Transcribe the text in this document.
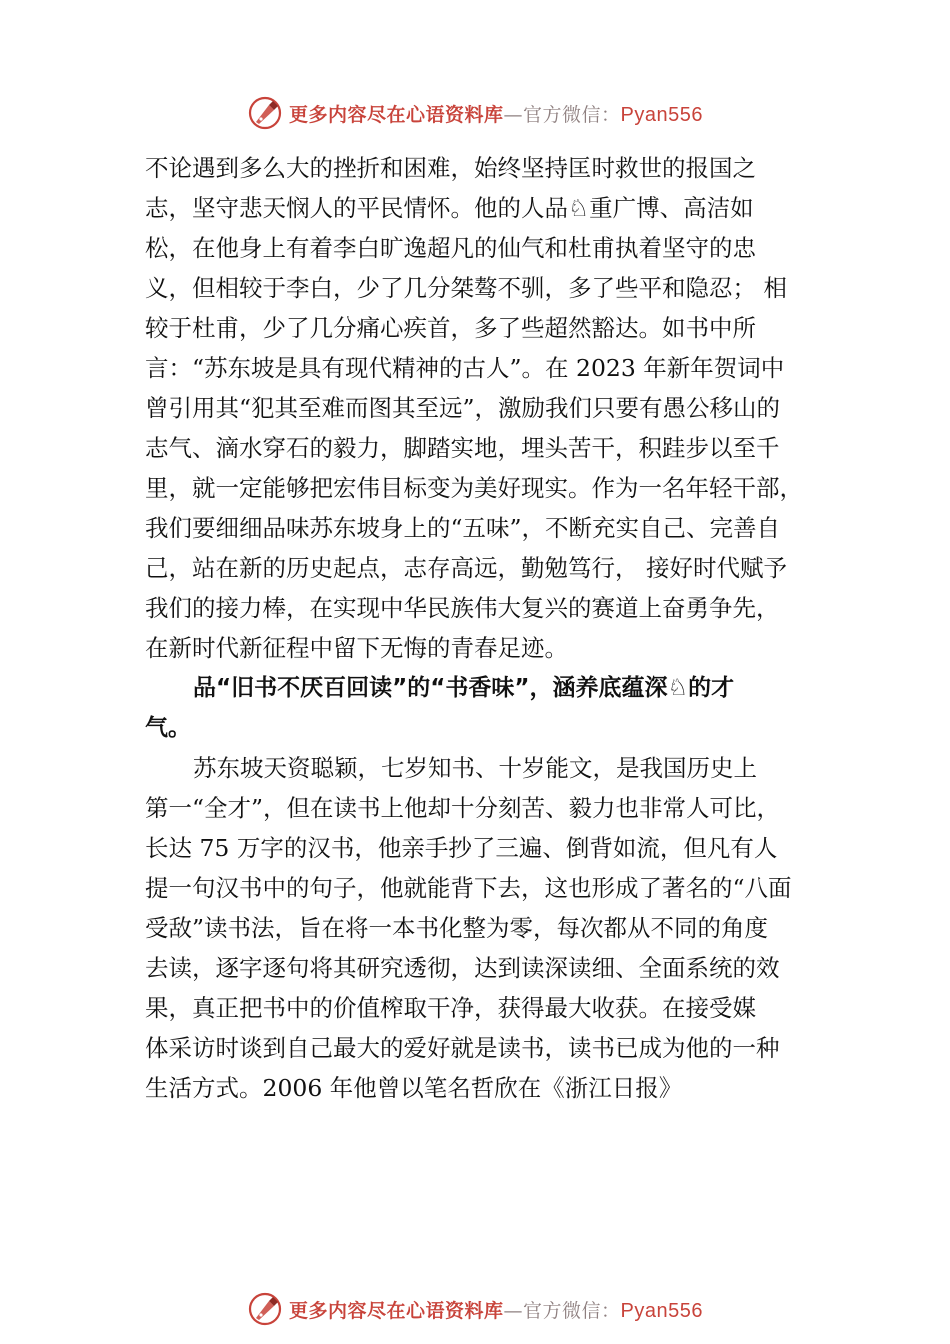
更多内容尽在心语资料库—官方微信：Pyan556
不论遇到多么大的挫折和困难，始终坚持匡时救世的报国之
志，坚守悲天悯人的平民情怀。他的人品♘重广博、高洁如
松，在他身上有着李白旷逸超凡的仙气和杜甫执着坚守的忠
义，但相较于李白，少了几分桀骜不驯，多了些平和隐忍； 相
较于杜甫，少了几分痛心疾首，多了些超然豁达。如书中所
言：“苏东坡是具有现代精神的古人”。在 2023 年新年贺词中
曾引用其“犯其至难而图其至远”，激励我们只要有愚公移山的
志气、滴水穿石的毅力，脚踏实地，埋头苦干，积跬步以至千
里，就一定能够把宏伟目标变为美好现实。作为一名年轻干部，
我们要细细品味苏东坡身上的“五味”，不断充实自己、完善自
己，站在新的历史起点，志存高远，勤勉笃行， 接好时代赋予
我们的接力棒，在实现中华民族伟大复兴的赛道上奋勇争先，
在新时代新征程中留下无悔的青春足迹。
品“旧书不厌百回读”的“书香味”，涵养底蕴深♘的才
气。
苏东坡天资聪颖，七岁知书、十岁能文，是我国历史上
第一“全才”，但在读书上他却十分刻苦、毅力也非常人可比，
长达 75 万字的汉书，他亲手抄了三遍、倒背如流，但凡有人
提一句汉书中的句子，他就能背下去，这也形成了著名的“八面
受敌”读书法，旨在将一本书化整为零，每次都从不同的角度
去读，逐字逐句将其研究透彻，达到读深读细、全面系统的效
果，真正把书中的价值榨取干净，获得最大收获。在接受媒
体采访时谈到自己最大的爱好就是读书，读书已成为他的一种
生活方式。2006 年他曾以笔名哲欣在《浙江日报》
更多内容尽在心语资料库—官方微信：Pyan556
